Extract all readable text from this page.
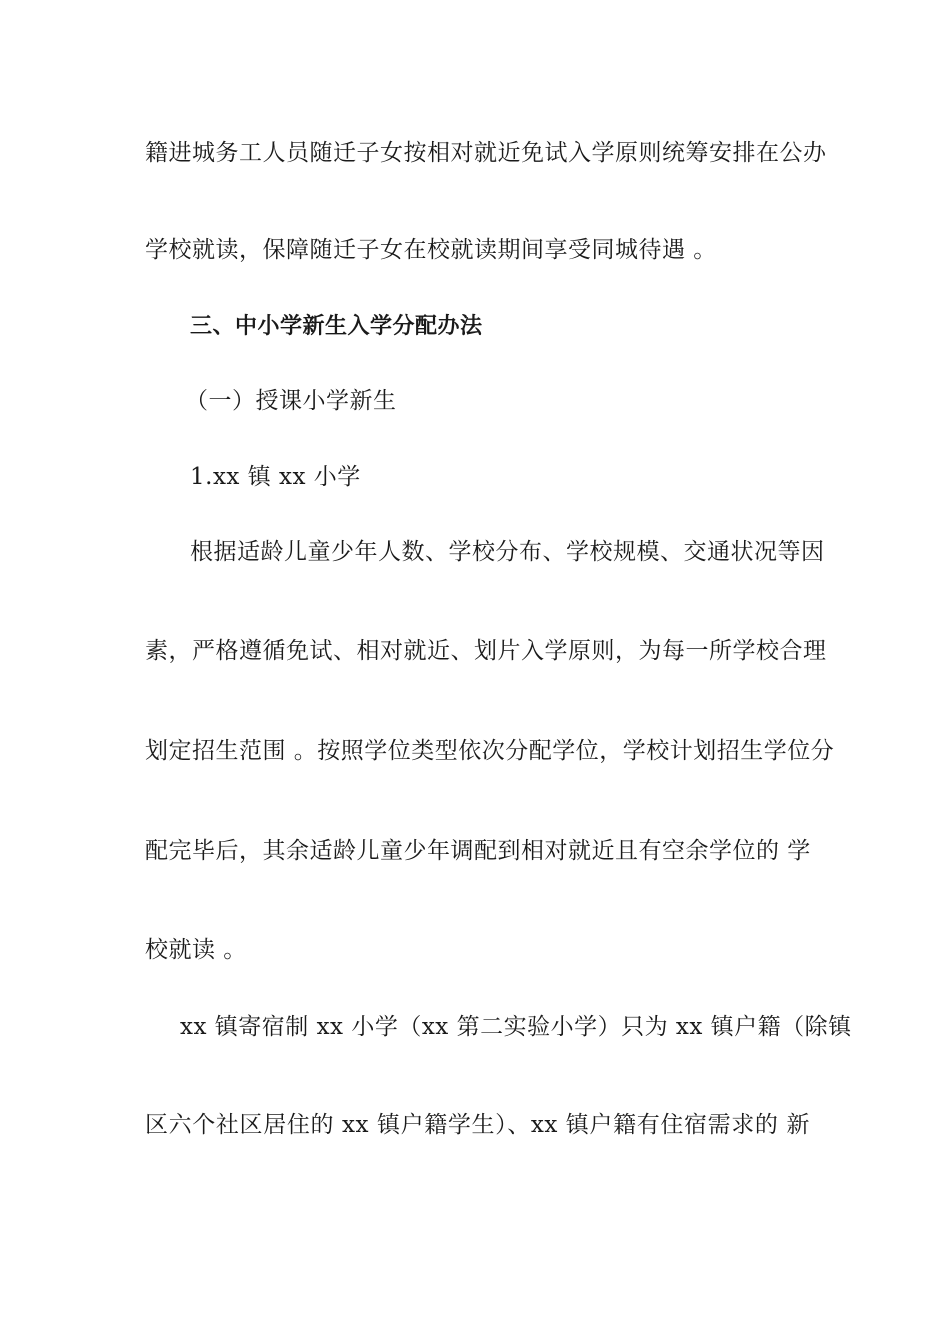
籍进城务工人员随迁子女按相对就近免试入学原则统筹安排在公办
学校就读，保障随迁子女在校就读期间享受同城待遇 。
三、中小学新生入学分配办法
（一）授课小学新生
1.xx 镇 xx 小学
根据适龄儿童少年人数、学校分布、学校规模、交通状况等因
素，严格遵循免试、相对就近、划片入学原则，为每一所学校合理
划定招生范围 。按照学位类型依次分配学位，学校计划招生学位分
配完毕后，其余适龄儿童少年调配到相对就近且有空余学位的 学
校就读 。
xx 镇寄宿制 xx 小学（xx 第二实验小学）只为 xx 镇户籍（除镇
区六个社区居住的 xx 镇户籍学生）、xx 镇户籍有住宿需求的 新
